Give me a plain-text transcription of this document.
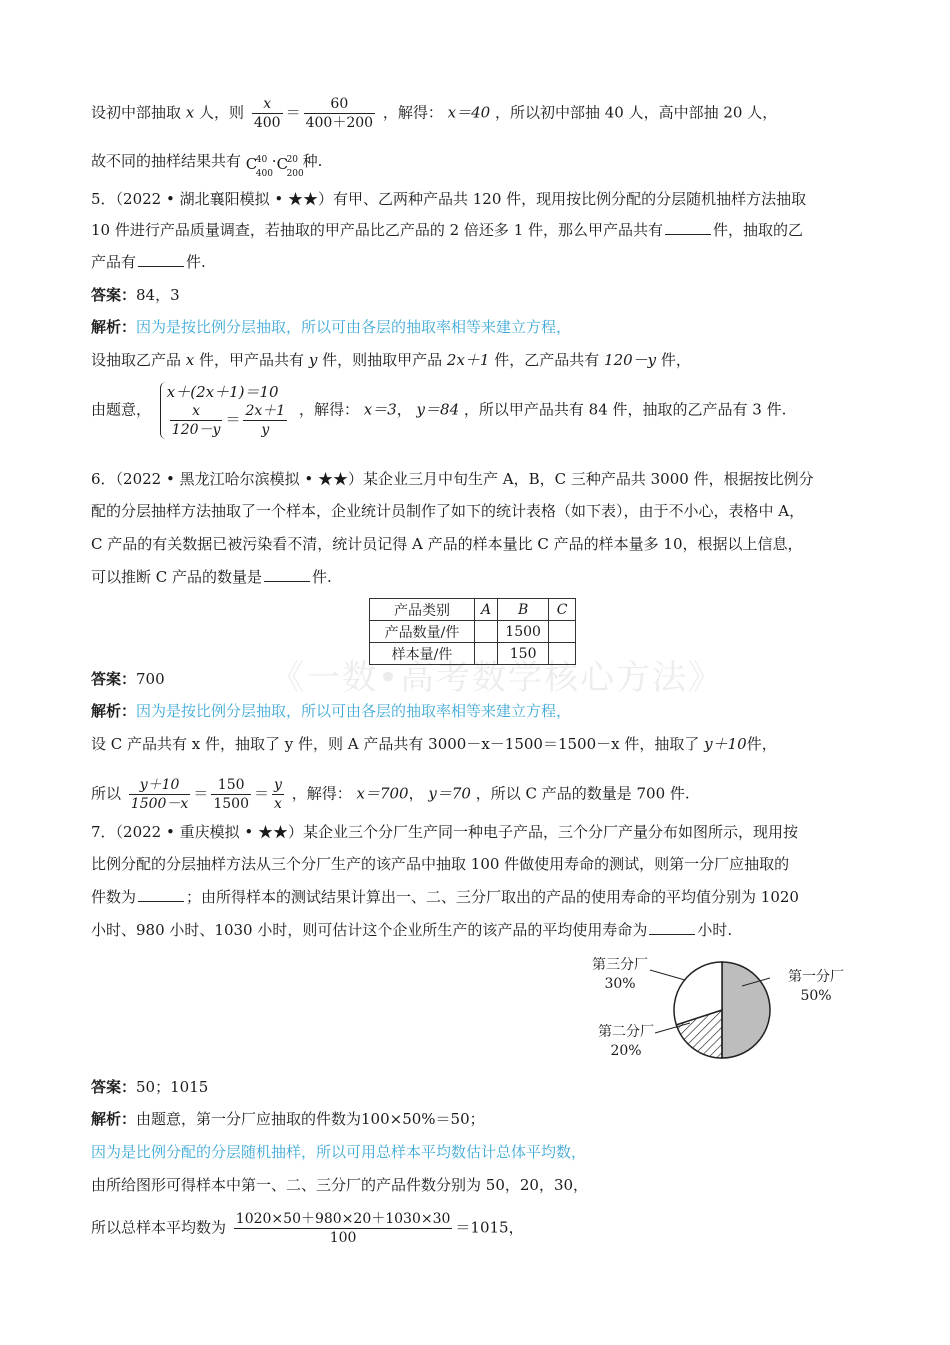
设初中部抽取 x 人，则 $\frac{x}{400} = \frac{60}{400+200}$ ，解得： x＝40 ，所以初中部抽 40 人，高中部抽 20 人，
故不同的抽样结果共有 C
40
400
· C
20
200
种.
5．（2022 • 湖北襄阳模拟 • ★★）有甲、乙两种产品共 120 件，现用按比例分配的分层随机抽样方法抽取
10 件进行产品质量调查，若抽取的甲产品比乙产品的 2 倍还多 1 件，那么甲产品共有	件，抽取的乙
产品有	件.
答案：84，3
解析：因为是按比例分层抽取，所以可由各层的抽取率相等来建立方程，
设抽取乙产品 x 件，甲产品共有 y 件，则抽取甲产品 2x＋1 件，乙产品共有 120－y 件，
由题意，
x＋(2x＋1)＝10
$\frac{x}{120-y} = \frac{2x+1}{y}$ ，解得： x＝3， y＝84 ，所以甲产品共有 84 件，抽取的乙产品有 3 件.
6．（2022 • 黑龙江哈尔滨模拟 • ★★）某企业三月中旬生产 A，B，C 三种产品共 3000 件，根据按比例分
配的分层抽样方法抽取了一个样本，企业统计员制作了如下的统计表格（如下表），由于不小心，表格中 A，
C 产品的有关数据已被污染看不清，统计员记得 A 产品的样本量比 C 产品的样本量多 10，根据以上信息，
可以推断 C 产品的数量是	件.
《一数•高考数学核心方法》
产品类别	A	B	C
产品数量/件		1500	
样本量/件		150	
答案：700
解析：因为是按比例分层抽取，所以可由各层的抽取率相等来建立方程，
设 C 产品共有 x 件，抽取了 y 件，则 A 产品共有 3000－x－1500＝1500－x 件，抽取了 y＋10件，
所以 $\frac{y+10}{1500-x} = \frac{150}{1500} = \frac{y}{x}$ ，解得： x＝700， y＝70 ，所以 C 产品的数量是 700 件.
7．（2022 • 重庆模拟 • ★★）某企业三个分厂生产同一种电子产品，三个分厂产量分布如图所示，现用按
比例分配的分层抽样方法从三个分厂生产的该产品中抽取 100 件做使用寿命的测试，则第一分厂应抽取的
件数为	；由所得样本的测试结果计算出一、二、三分厂取出的产品的使用寿命的平均值分别为 1020
小时、980 小时、1030 小时，则可估计这个企业所生产的该产品的平均使用寿命为	小时.
第三分厂
30%
第二分厂
20%
第一分厂
50%
答案：50；1015
解析：由题意，第一分厂应抽取的件数为100×50%＝50；
因为是比例分配的分层随机抽样，所以可用总样本平均数估计总体平均数，
由所给图形可得样本中第一、二、三分厂的产品件数分别为 50，20，30，
所以总样本平均数为 $\frac{1020\times 50+980\times 20+1030\times 30}{100} =1015$，
